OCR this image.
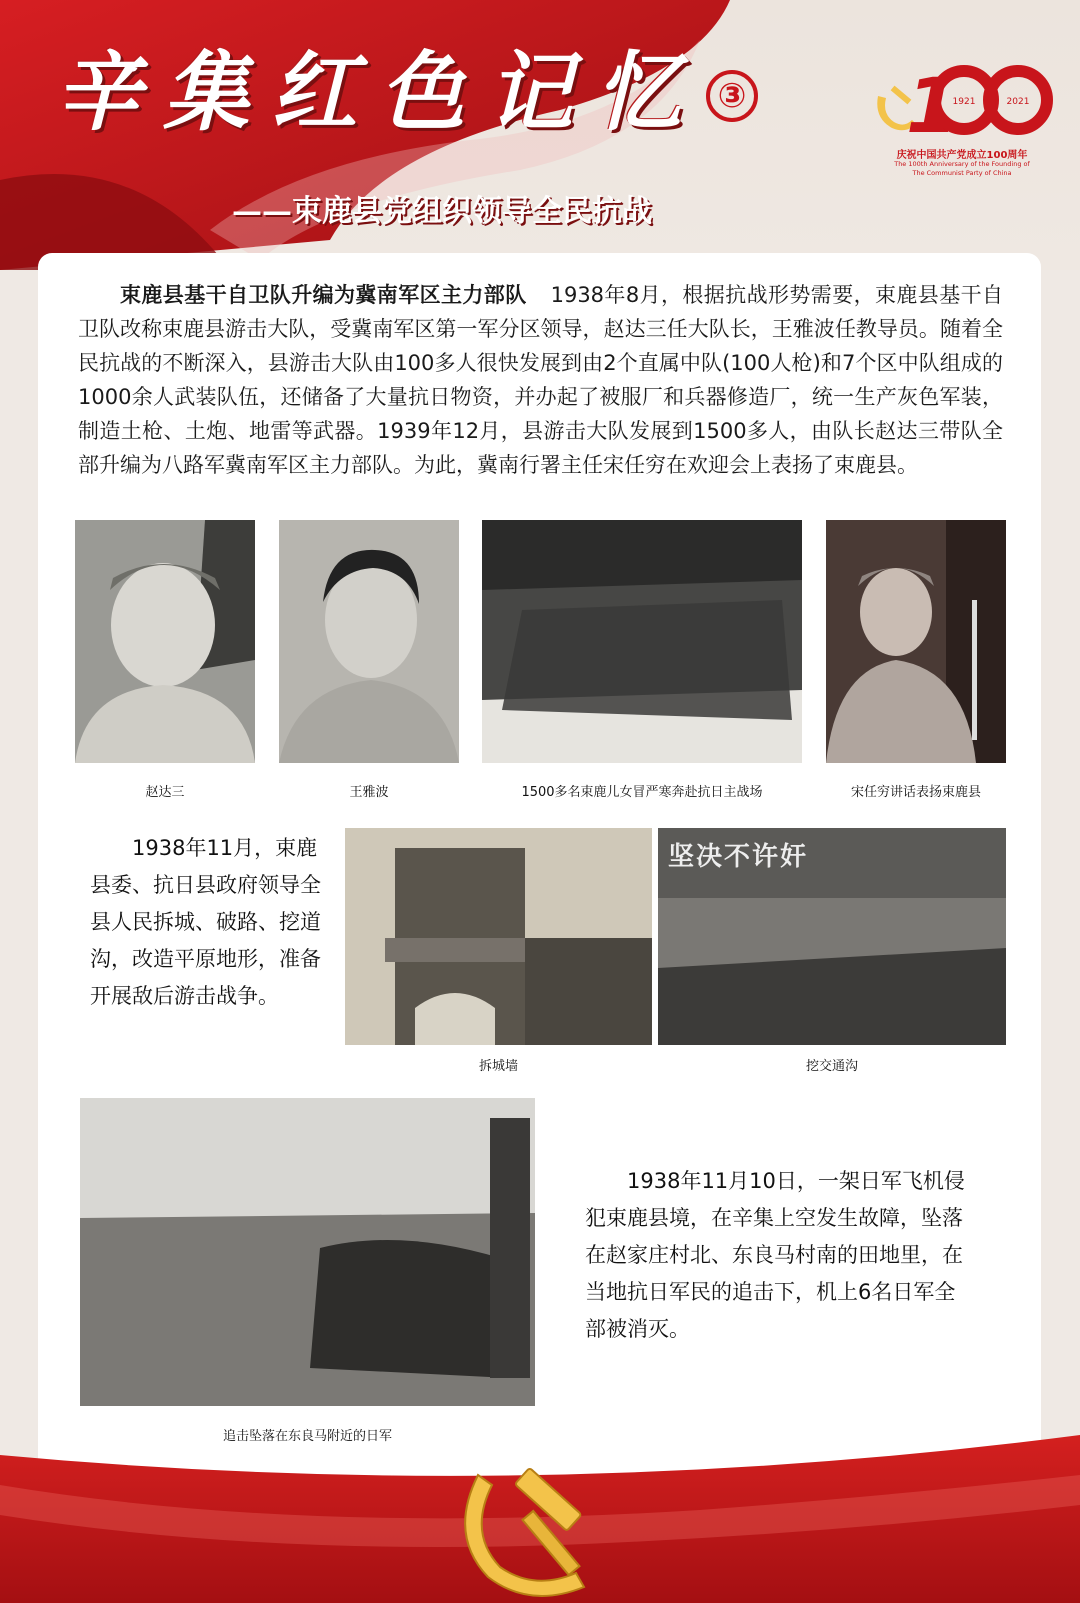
辛集红色记忆 ③
——束鹿县党组织领导全民抗战
1
1921	2021
庆祝中国共产党成立100周年
The 100th Anniversary of the Founding of
The Communist Party of China
束鹿县基干自卫队升编为冀南军区主力部队 1938年8月，根据抗战形势需要，束鹿县基干自卫队改称束鹿县游击大队，受冀南军区第一军分区领导，赵达三任大队长，王雅波任教导员。随着全民抗战的不断深入，县游击大队由100多人很快发展到由2个直属中队(100人枪)和7个区中队组成的1000余人武装队伍，还储备了大量抗日物资，并办起了被服厂和兵器修造厂，统一生产灰色军装，制造土枪、土炮、地雷等武器。1939年12月，县游击大队发展到1500多人，由队长赵达三带队全部升编为八路军冀南军区主力部队。为此，冀南行署主任宋任穷在欢迎会上表扬了束鹿县。
赵达三	王雅波	1500多名束鹿儿女冒严寒奔赴抗日主战场	宋任穷讲话表扬束鹿县
1938年11月，束鹿县委、抗日县政府领导全县人民拆城、破路、挖道沟，改造平原地形，准备开展敌后游击战争。
坚决不许奸
拆城墙	挖交通沟
1938年11月10日，一架日军飞机侵犯束鹿县境，在辛集上空发生故障，坠落在赵家庄村北、东良马村南的田地里，在当地抗日军民的追击下，机上6名日军全部被消灭。
追击坠落在东良马附近的日军
